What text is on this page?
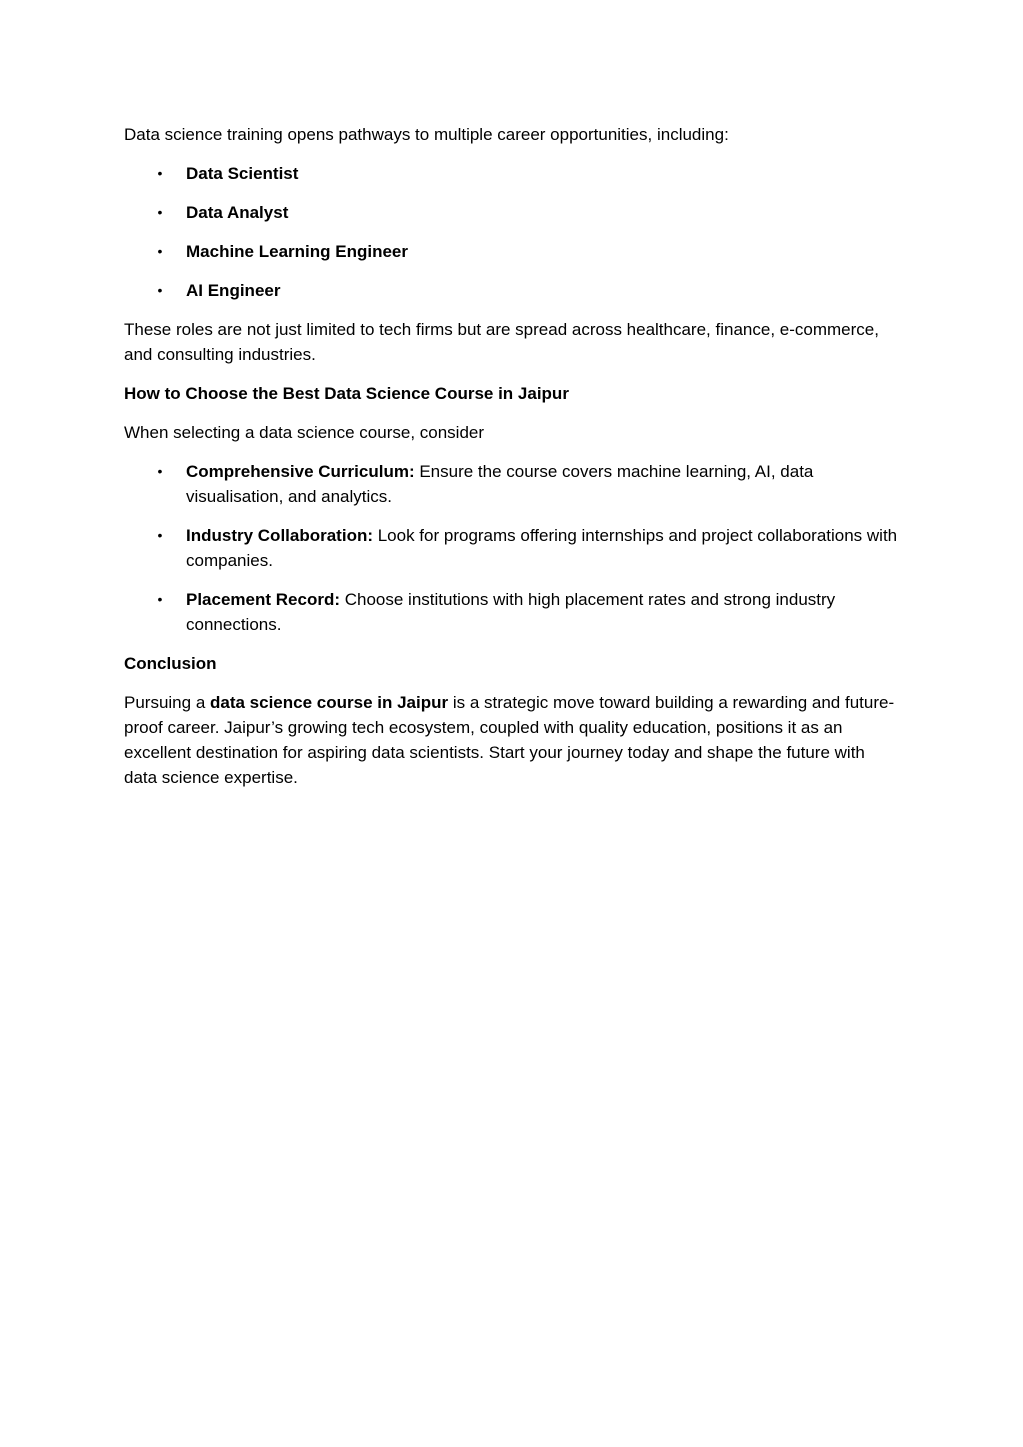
Data science training opens pathways to multiple career opportunities, including:

• Data Scientist
• Data Analyst
• Machine Learning Engineer
• AI Engineer

These roles are not just limited to tech firms but are spread across healthcare, finance, e-commerce, and consulting industries.

How to Choose the Best Data Science Course in Jaipur

When selecting a data science course, consider

• Comprehensive Curriculum: Ensure the course covers machine learning, AI, data visualisation, and analytics.
• Industry Collaboration: Look for programs offering internships and project collaborations with companies.
• Placement Record: Choose institutions with high placement rates and strong industry connections.
Conclusion

Pursuing a data science course in Jaipur is a strategic move toward building a rewarding and future-proof career. Jaipur’s growing tech ecosystem, coupled with quality education, positions it as an excellent destination for aspiring data scientists. Start your journey today and shape the future with data science expertise.
